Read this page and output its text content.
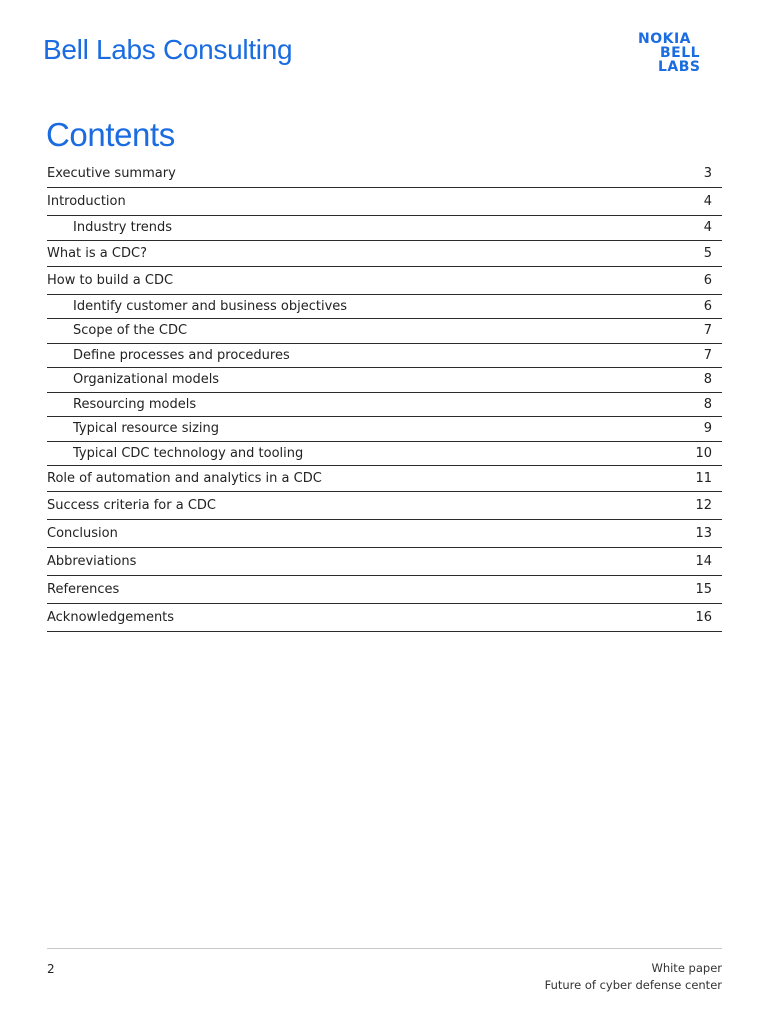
Bell Labs Consulting	NOKIA
BELL
LABS
Contents
Executive summary	3
Introduction	4
Industry trends	4
What is a CDC?	5
How to build a CDC	6
Identify customer and business objectives	6
Scope of the CDC	7
Define processes and procedures	7
Organizational models	8
Resourcing models	8
Typical resource sizing	9
Typical CDC technology and tooling	10
Role of automation and analytics in a CDC	11
Success criteria for a CDC	12
Conclusion	13
Abbreviations	14
References	15
Acknowledgements	16
2	White paper
Future of cyber defense center
